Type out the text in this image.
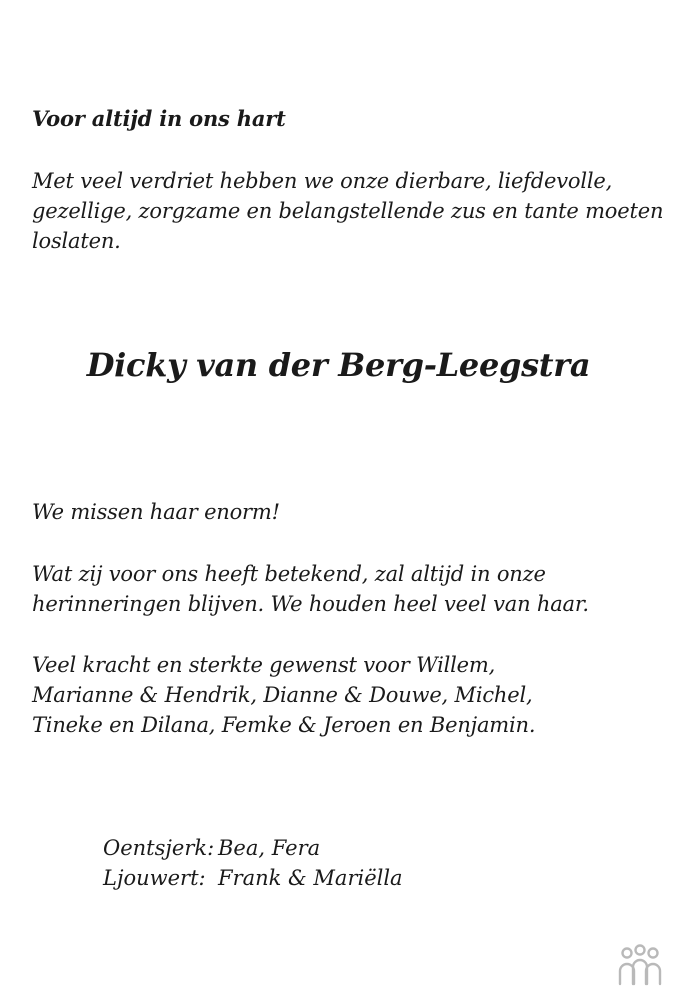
Voor altijd in ons hart
Met veel verdriet hebben we onze dierbare, liefdevolle,
gezellige, zorgzame en belangstellende zus en tante moeten
loslaten.
Dicky van der Berg-Leegstra
We missen haar enorm!
Wat zij voor ons heeft betekend, zal altijd in onze
herinneringen blijven. We houden heel veel van haar.
Veel kracht en sterkte gewenst voor Willem,
Marianne & Hendrik, Dianne & Douwe, Michel,
Tineke en Dilana, Femke & Jeroen en Benjamin.
Oentsjerk: Bea, Fera
Ljouwert: Frank & Mariëlla
